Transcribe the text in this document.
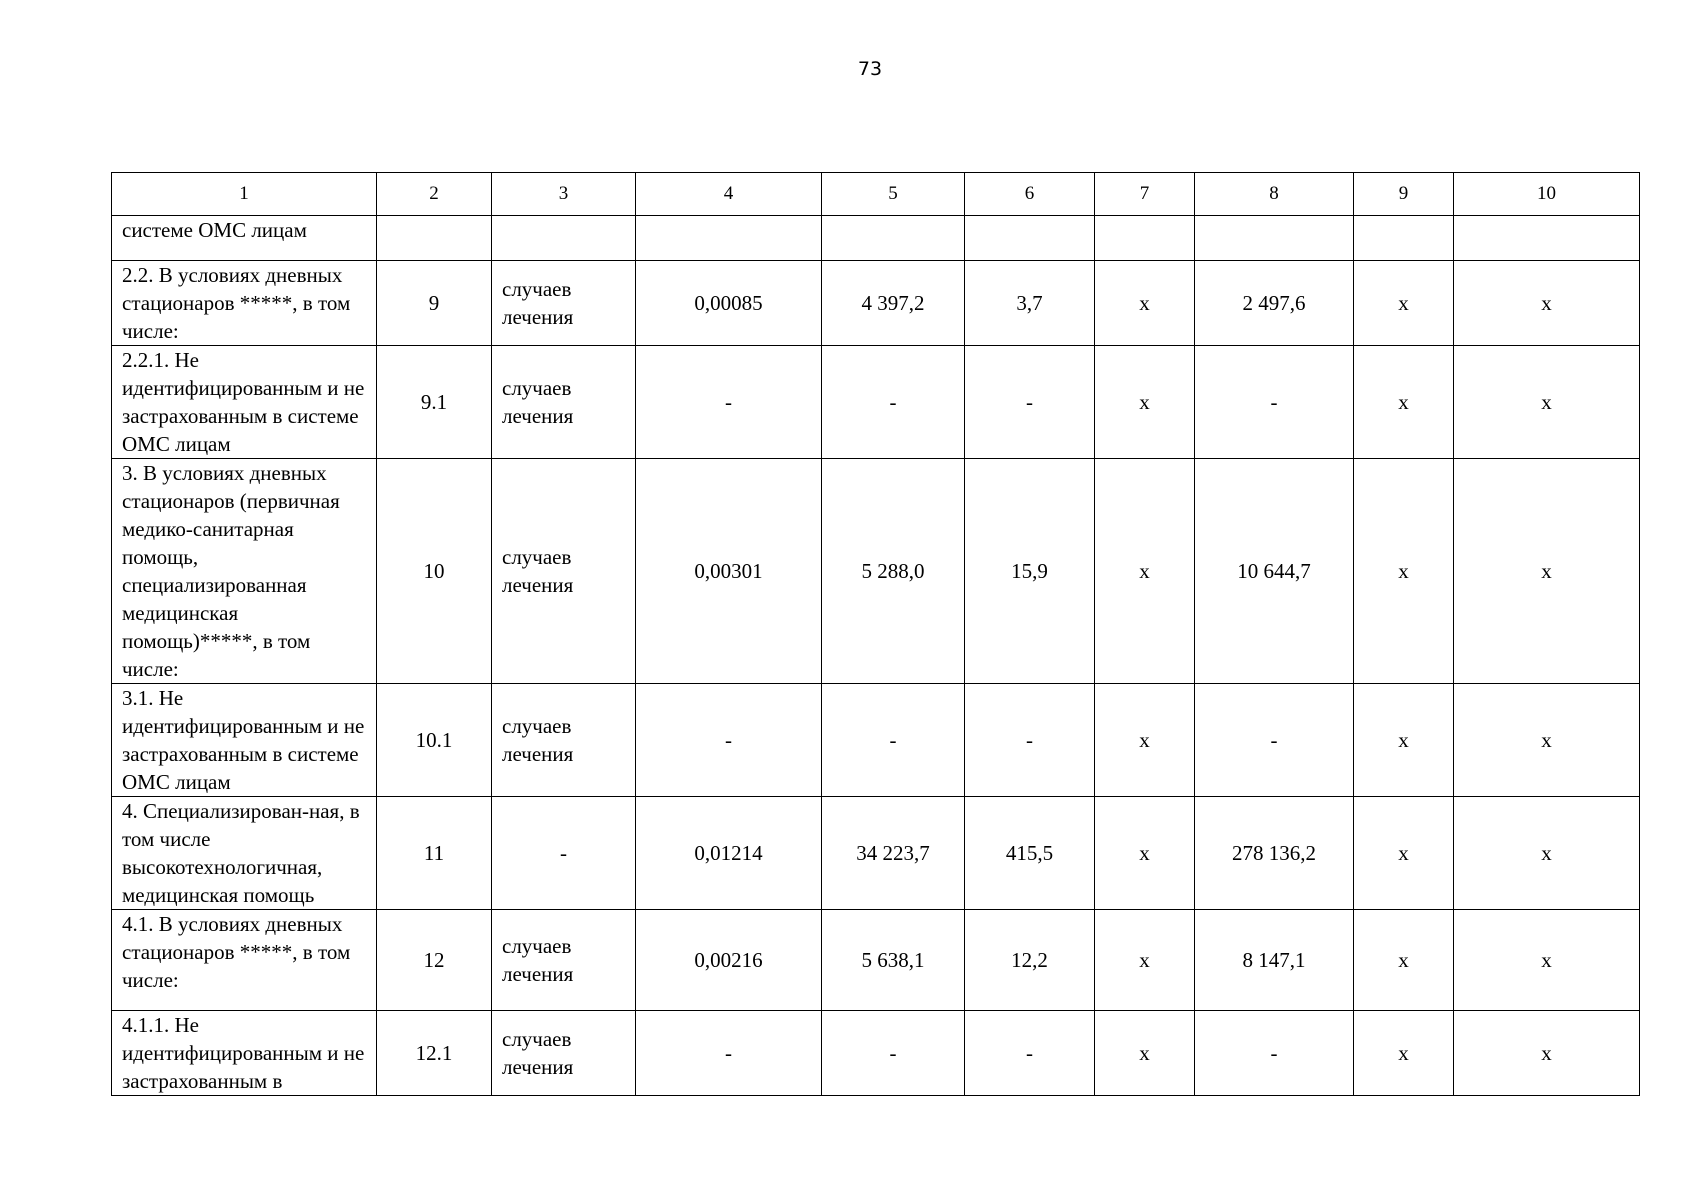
73
1	2	3	4	5	6	7	8	9	10
системе ОМС лицам									
2.2. В условиях дневных стационаров *****, в том числе:	9	случаев лечения	0,00085	4 397,2	3,7	х	2 497,6	х	х
2.2.1. Не идентифицированным и не застрахованным в системе ОМС лицам	9.1	случаев лечения	-	-	-	х	-	х	х
3. В условиях дневных стационаров (первичная медико-санитарная помощь, специализированная медицинская помощь)*****, в том числе:	10	случаев лечения	0,00301	5 288,0	15,9	х	10 644,7	х	х
3.1. Не идентифицированным и не застрахованным в системе ОМС лицам	10.1	случаев лечения	-	-	-	х	-	х	х
4. Специализирован-ная, в том числе высокотехнологичная, медицинская помощь	11	-	0,01214	34 223,7	415,5	х	278 136,2	х	х
4.1. В условиях дневных стационаров *****, в том числе:	12	случаев лечения	0,00216	5 638,1	12,2	х	8 147,1	х	х
4.1.1. Не идентифицированным и не застрахованным в	12.1	случаев лечения	-	-	-	х	-	х	х
